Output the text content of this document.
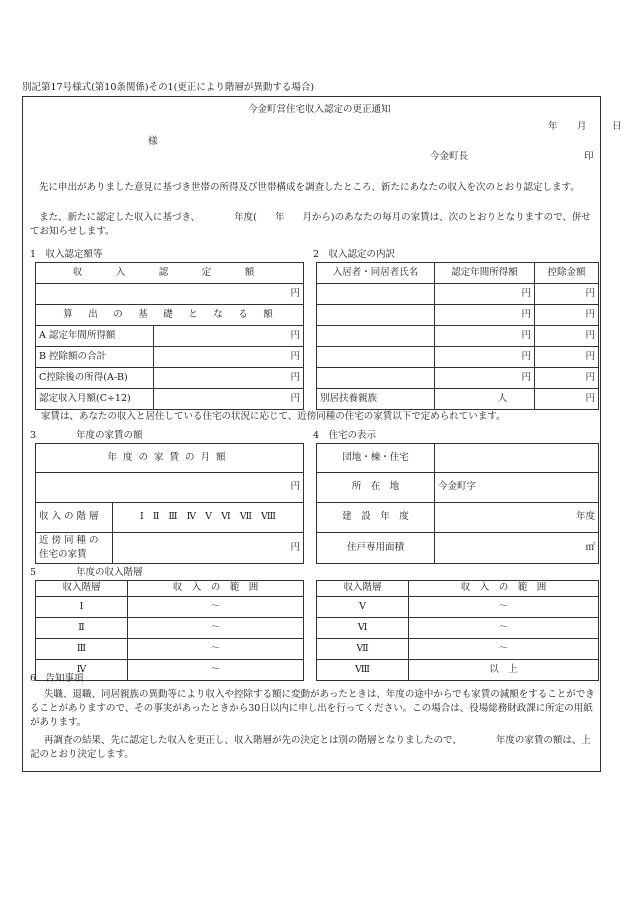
別記第17号様式(第10条関係)その1(更正により階層が異動する場合)
今金町営住宅収入認定の更正通知
年 月	日
様
今金町長	印

先に申出がありました意見に基づき世帯の所得及び世帯構成を調査したところ、新たにあなたの収入を次のとおり認定します。

また、新たに認定した収入に基づき、	年度( 年 月から)のあなたの毎月の家賃は、次のとおりとなりますので、併せてお知らせします。

1　収入認定額等
収　入　認　定　額	
円	
算　出　の　基　礎　と　な　る　額	
A 認定年間所得額	円
B 控除額の合計	円
C控除後の所得(A-B)	円
認定収入月額(C÷12)	円
2　収入認定の内訳
入居者・同居者氏名	認定年間所得額	控除金額
	円	円
	円	円
	円	円
	円	円
	円	円
別居扶養親族	人	円
家賃は、あなたの収入と居住している住宅の状況に応じて、近傍同種の住宅の家賃以下で定められています。
3	年度の家賃の額
年度の家賃の月額	
円	
収入の階層	Ⅰ Ⅱ Ⅲ Ⅳ Ⅴ Ⅵ Ⅶ Ⅷ
近傍同種の
住宅の家賃	円
4　住宅の表示
団地・棟・住宅	
所　在　地	今金町字
建　設　年　度	年度
住戸専用面積	㎡
5	年度の収入階層
収入階層	収　入　の　範　囲
Ⅰ	～
Ⅱ	～
Ⅲ	～
Ⅳ	～
収入階層	収　入　の　範　囲
Ⅴ	～
Ⅵ	～
Ⅶ	～
Ⅷ	以　上
6　告知事項

失職、退職、同居親族の異動等により収入や控除する額に変動があったときは、年度の途中からでも家賃の減額をすることができることがありますので、その事実があったときから30日以内に申し出を行ってください。この場合は、役場総務財政課に所定の用紙があります。

再調査の結果、先に認定した収入を更正し、収入階層が先の決定とは別の階層となりましたので、	年度の家賃の額は、上記のとおり決定します。
